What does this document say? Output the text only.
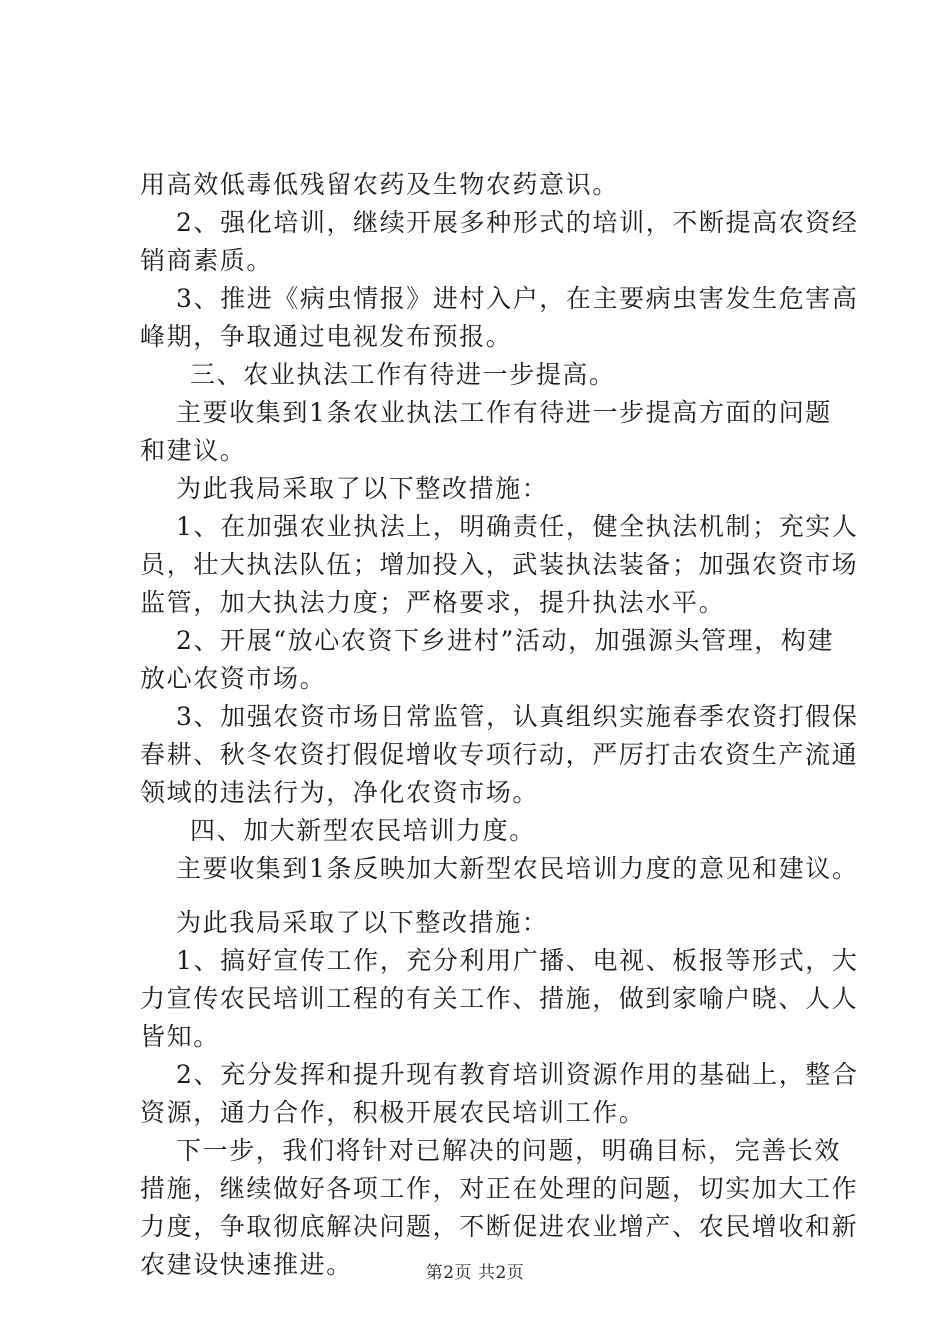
用高效低毒低残留农药及生物农药意识。
2、强化培训，继续开展多种形式的培训，不断提高农资经
销商素质。
3、推进《病虫情报》进村入户，在主要病虫害发生危害高
峰期，争取通过电视发布预报。
三、农业执法工作有待进一步提高。
主要收集到1条农业执法工作有待进一步提高方面的问题
和建议。
为此我局采取了以下整改措施：
1、在加强农业执法上，明确责任，健全执法机制；充实人
员，壮大执法队伍；增加投入，武装执法装备；加强农资市场
监管，加大执法力度；严格要求，提升执法水平。
2、开展“放心农资下乡进村”活动，加强源头管理，构建
放心农资市场。
3、加强农资市场日常监管，认真组织实施春季农资打假保
春耕、秋冬农资打假促增收专项行动，严厉打击农资生产流通
领域的违法行为，净化农资市场。
四、加大新型农民培训力度。
主要收集到1条反映加大新型农民培训力度的意见和建议。
为此我局采取了以下整改措施：
1、搞好宣传工作，充分利用广播、电视、板报等形式，大
力宣传农民培训工程的有关工作、措施，做到家喻户晓、人人
皆知。
2、充分发挥和提升现有教育培训资源作用的基础上，整合
资源，通力合作，积极开展农民培训工作。
下一步，我们将针对已解决的问题，明确目标，完善长效
措施，继续做好各项工作，对正在处理的问题，切实加大工作
力度，争取彻底解决问题，不断促进农业增产、农民增收和新
农建设快速推进。	第2页 共2页
